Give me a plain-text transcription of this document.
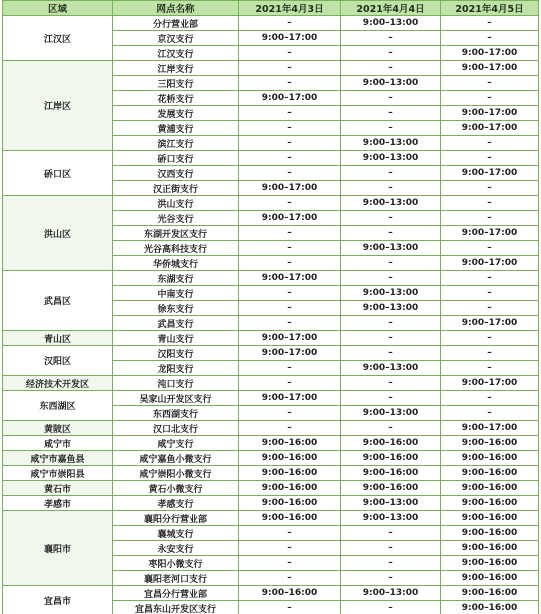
区域	网点名称	2021年4月3日	2021年4月4日	2021年4月5日
江汉区	分行营业部	–	9:00–13:00	–
	京汉支行	9:00–17:00	–	–
	江汉支行	–	–	9:00–17:00
江岸区	江岸支行	–	–	9:00–17:00
	三阳支行	–	9:00–13:00	–
	花桥支行	9:00–17:00	–	–
	发展支行	–	–	9:00–17:00
	黄浦支行	–	–	9:00–17:00
	滨江支行	–	9:00–13:00	–
硚口区	硚口支行	–	9:00–13:00	–
	汉西支行	–	–	9:00–17:00
	汉正街支行	9:00–17:00	–	–
洪山区	洪山支行	–	9:00–13:00	–
	光谷支行	9:00–17:00	–	–
	东湖开发区支行	–	–	9:00–17:00
	光谷高科技支行	–	9:00–13:00	–
	华侨城支行	–	–	9:00–17:00
武昌区	东湖支行	9:00–17:00	–	–
	中南支行	–	9:00–13:00	–
	徐东支行	–	9:00–13:00	–
	武昌支行	–	–	9:00–17:00
青山区	青山支行	9:00–17:00	–	–
汉阳区	汉阳支行	9:00–17:00	–	–
	龙阳支行	–	9:00–13:00	–
经济技术开发区	沌口支行	–	–	9:00–17:00
东西湖区	吴家山开发区支行	9:00–17:00	–	–
	东西湖支行	–	9:00–13:00	–
黄陂区	汉口北支行	–	–	9:00–17:00
咸宁市	咸宁支行	9:00–16:00	9:00–16:00	9:00–16:00
咸宁市嘉鱼县	咸宁嘉鱼小微支行	9:00–16:00	9:00–16:00	9:00–16:00
咸宁市崇阳县	咸宁崇阳小微支行	9:00–16:00	9:00–16:00	9:00–16:00
黄石市	黄石小微支行	9:00–16:00	9:00–16:00	9:00–16:00
孝感市	孝感支行	9:00–16:00	9:00–13:00	9:00–16:00
襄阳市	襄阳分行营业部	9:00–16:00	9:00–13:00	9:00–16:00
	襄城支行	–	–	9:00–16:00
	永安支行	–	–	9:00–16:00
	枣阳小微支行	–	–	9:00–16:00
	襄阳老河口支行	–	–	9:00–16:00
宜昌市	宜昌分行营业部	9:00–16:00	9:00–13:00	9:00–16:00
	宜昌东山开发区支行	–	–	9:00–16:00
